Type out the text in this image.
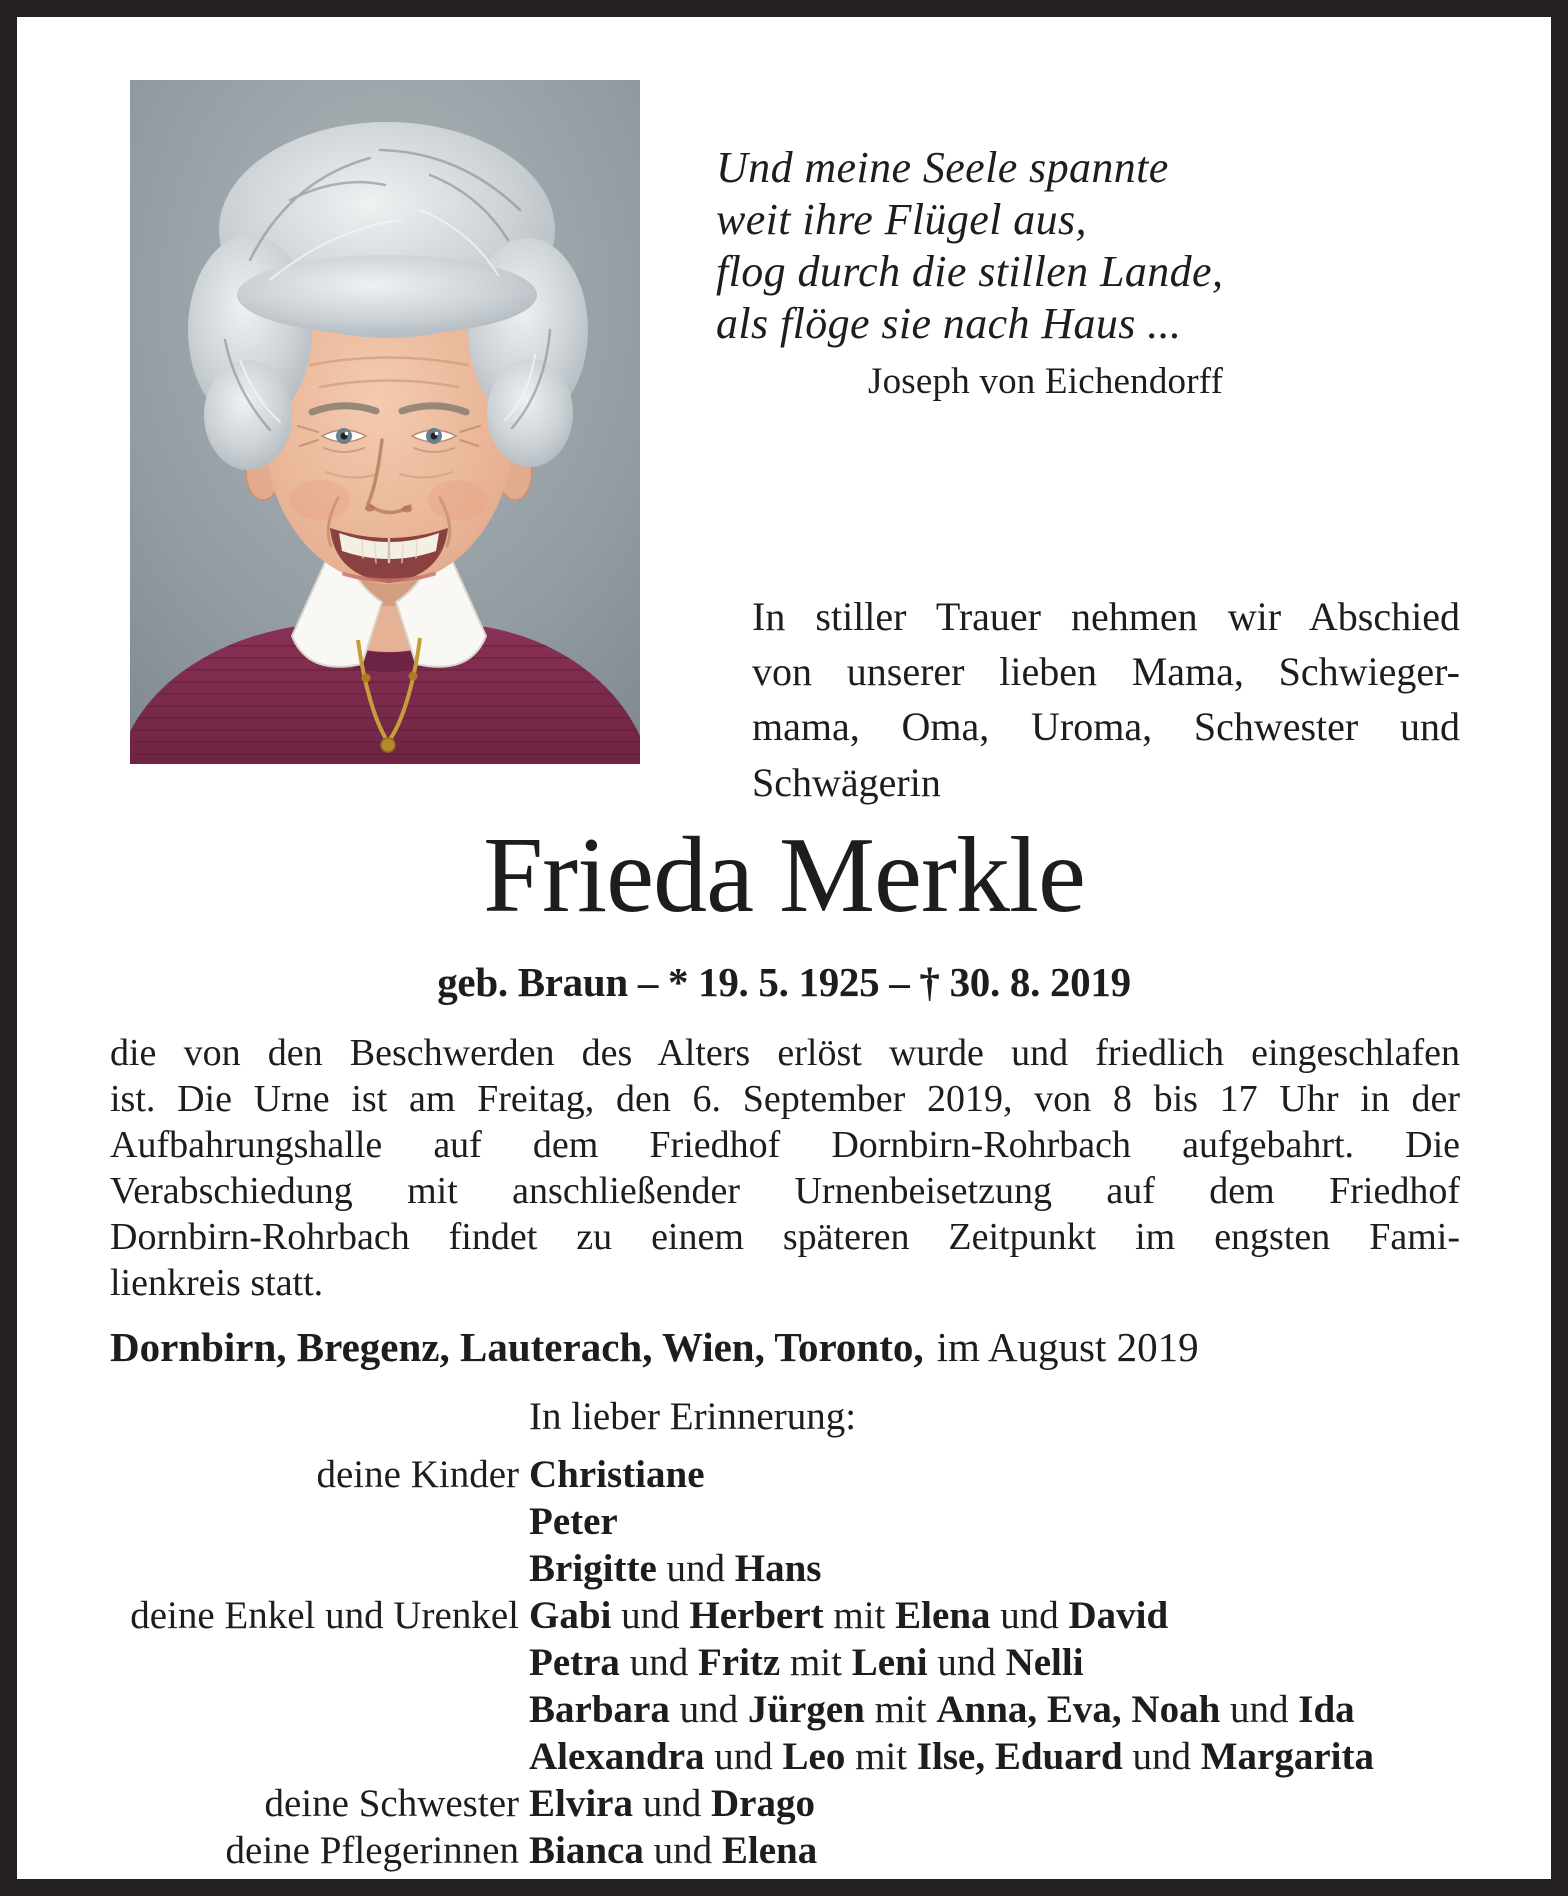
Und meine Seele spannte
weit ihre Flügel aus,
flog durch die stillen Lande,
als flöge sie nach Haus ...
Joseph von Eichendorff
In stiller Trauer nehmen wir Abschied
von unserer lieben Mama, Schwieger-
mama, Oma, Uroma, Schwester und
Schwägerin
Frieda Merkle
geb. Braun – * 19. 5. 1925 – † 30. 8. 2019
die von den Beschwerden des Alters erlöst wurde und friedlich eingeschlafen
ist. Die Urne ist am Freitag, den 6. September 2019, von 8 bis 17 Uhr in der
Aufbahrungshalle auf dem Friedhof Dornbirn-Rohrbach aufgebahrt. Die
Verabschiedung mit anschließender Urnenbeisetzung auf dem Friedhof
Dornbirn-Rohrbach findet zu einem späteren Zeitpunkt im engsten Fami-
lienkreis statt.
Dornbirn, Bregenz, Lauterach, Wien, Toronto, im August 2019
In lieber Erinnerung:
deine Kinder Christiane
Peter
Brigitte und Hans
deine Enkel und Urenkel Gabi und Herbert mit Elena und David
Petra und Fritz mit Leni und Nelli
Barbara und Jürgen mit Anna, Eva, Noah und Ida
Alexandra und Leo mit Ilse, Eduard und Margarita
deine Schwester Elvira und Drago
deine Pflegerinnen Bianca und Elena
